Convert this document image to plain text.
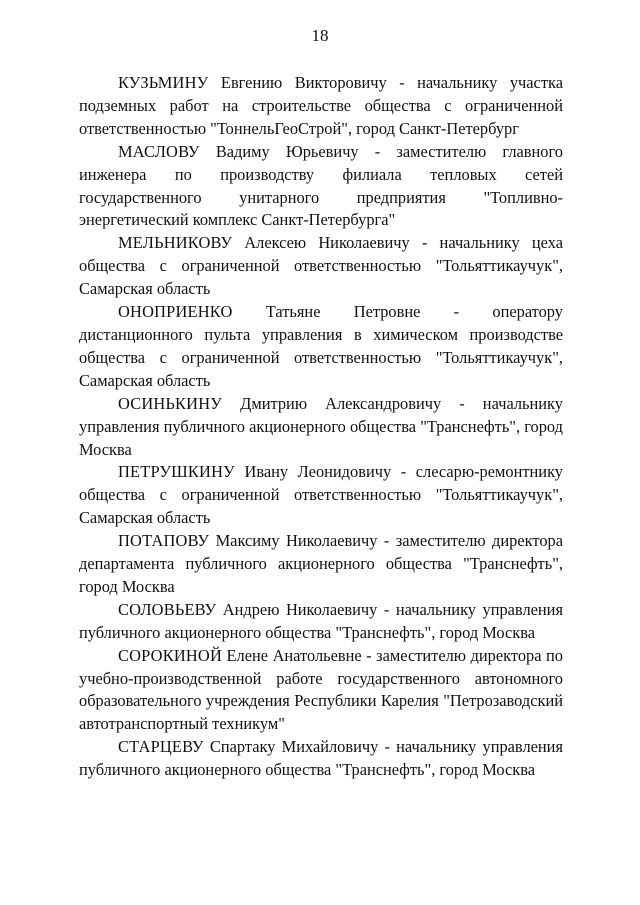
18

КУЗЬМИНУ Евгению Викторовичу - начальнику участка подземных работ на строительстве общества с ограниченной ответственностью "ТоннельГеоСтрой", город Санкт-Петербург

МАСЛОВУ Вадиму Юрьевичу - заместителю главного инженера по производству филиала тепловых сетей государственного унитарного предприятия "Топливно-энергетический комплекс Санкт-Петербурга"

МЕЛЬНИКОВУ Алексею Николаевичу - начальнику цеха общества с ограниченной ответственностью "Тольяттикаучук", Самарская область

ОНОПРИЕНКО Татьяне Петровне - оператору дистанционного пульта управления в химическом производстве общества с ограниченной ответственностью "Тольяттикаучук", Самарская область

ОСИНЬКИНУ Дмитрию Александровичу - начальнику управления публичного акционерного общества "Транснефть", город Москва

ПЕТРУШКИНУ Ивану Леонидовичу - слесарю-ремонтнику общества с ограниченной ответственностью "Тольяттикаучук", Самарская область

ПОТАПОВУ Максиму Николаевичу - заместителю директора департамента публичного акционерного общества "Транснефть", город Москва

СОЛОВЬЕВУ Андрею Николаевичу - начальнику управления публичного акционерного общества "Транснефть", город Москва

СОРОКИНОЙ Елене Анатольевне - заместителю директора по учебно-производственной работе государственного автономного образовательного учреждения Республики Карелия "Петрозаводский автотранспортный техникум"

СТАРЦЕВУ Спартаку Михайловичу - начальнику управления публичного акционерного общества "Транснефть", город Москва
